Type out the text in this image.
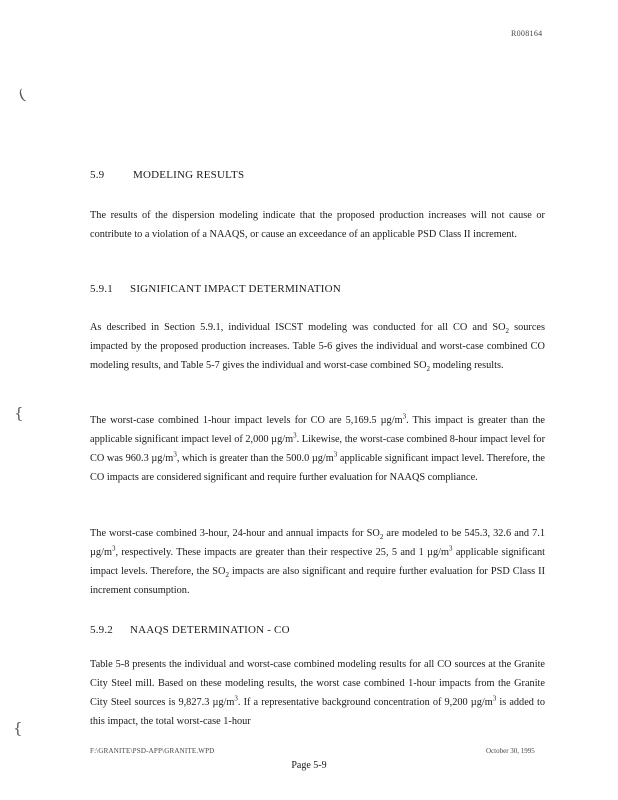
R008164
(
{
{
5.9	MODELING RESULTS
The results of the dispersion modeling indicate that the proposed production increases will not cause or contribute to a violation of a NAAQS, or cause an exceedance of an applicable PSD Class II increment.
5.9.1 SIGNIFICANT IMPACT DETERMINATION
As described in Section 5.9.1, individual ISCST modeling was conducted for all CO and $SO_2$ sources impacted by the proposed production increases. Table 5-6 gives the individual and worst-case combined CO modeling results, and Table 5-7 gives the individual and worst-case combined $SO_2$ modeling results.
The worst-case combined 1-hour impact levels for CO are 5,169.5 $\mu g/m^3$. This impact is greater than the applicable significant impact level of 2,000 $\mu g/m^3$. Likewise, the worst-case combined 8-hour impact level for CO was 960.3 $\mu g/m^3$, which is greater than the 500.0 $\mu g/m^3$ applicable significant impact level. Therefore, the CO impacts are considered significant and require further evaluation for NAAQS compliance.
The worst-case combined 3-hour, 24-hour and annual impacts for $SO_2$ are modeled to be 545.3, 32.6 and 7.1 $\mu g/m^3$, respectively. These impacts are greater than their respective 25, 5 and 1 $\mu g/m^3$ applicable significant impact levels. Therefore, the $SO_2$ impacts are also significant and require further evaluation for PSD Class II increment consumption.
5.9.2 NAAQS DETERMINATION - CO
Table 5-8 presents the individual and worst-case combined modeling results for all CO sources at the Granite City Steel mill. Based on these modeling results, the worst case combined 1-hour impacts from the Granite City Steel sources is 9,827.3 $\mu g/m^3$. If a representative background concentration of 9,200 $\mu g/m^3$ is added to this impact, the total worst-case 1-hour
F:\GRANITE\PSD-APP\GRANITE.WPD	October 30, 1995
Page 5-9
